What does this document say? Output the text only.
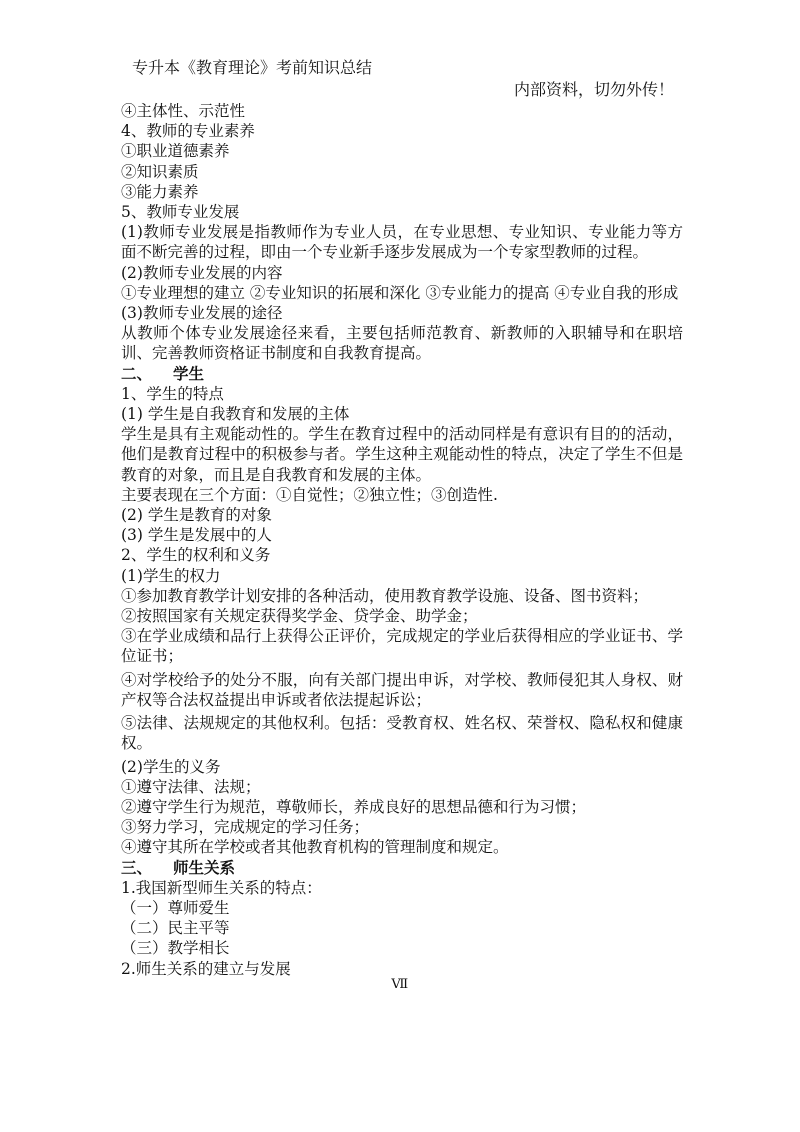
专升本《教育理论》考前知识总结
内部资料，切勿外传！

④主体性、示范性

4、教师的专业素养

①职业道德素养

②知识素质

③能力素养

5、教师专业发展

(1)教师专业发展是指教师作为专业人员，在专业思想、专业知识、专业能力等方面不断完善的过程，即由一个专业新手逐步发展成为一个专家型教师的过程。

(2)教师专业发展的内容

①专业理想的建立 ②专业知识的拓展和深化 ③专业能力的提高 ④专业自我的形成

(3)教师专业发展的途径

从教师个体专业发展途径来看，主要包括师范教育、新教师的入职辅导和在职培训、完善教师资格证书制度和自我教育提高。

二、 学生

1、学生的特点

(1) 学生是自我教育和发展的主体

学生是具有主观能动性的。学生在教育过程中的活动同样是有意识有目的的活动，他们是教育过程中的积极参与者。学生这种主观能动性的特点，决定了学生不但是教育的对象，而且是自我教育和发展的主体。

主要表现在三个方面：①自觉性；②独立性；③创造性.

(2) 学生是教育的对象

(3) 学生是发展中的人

2、学生的权利和义务

(1)学生的权力

①参加教育教学计划安排的各种活动，使用教育教学设施、设备、图书资料；

②按照国家有关规定获得奖学金、贷学金、助学金；

③在学业成绩和品行上获得公正评价，完成规定的学业后获得相应的学业证书、学位证书；

④对学校给予的处分不服，向有关部门提出申诉，对学校、教师侵犯其人身权、财产权等合法权益提出申诉或者依法提起诉讼；

⑤法律、法规规定的其他权利。包括：受教育权、姓名权、荣誉权、隐私权和健康权。

(2)学生的义务

①遵守法律、法规；

②遵守学生行为规范，尊敬师长，养成良好的思想品德和行为习惯；

③努力学习，完成规定的学习任务；

④遵守其所在学校或者其他教育机构的管理制度和规定。

三、 师生关系

1.我国新型师生关系的特点：

（一）尊师爱生

（二）民主平等

（三）教学相长

2.师生关系的建立与发展

Ⅶ
